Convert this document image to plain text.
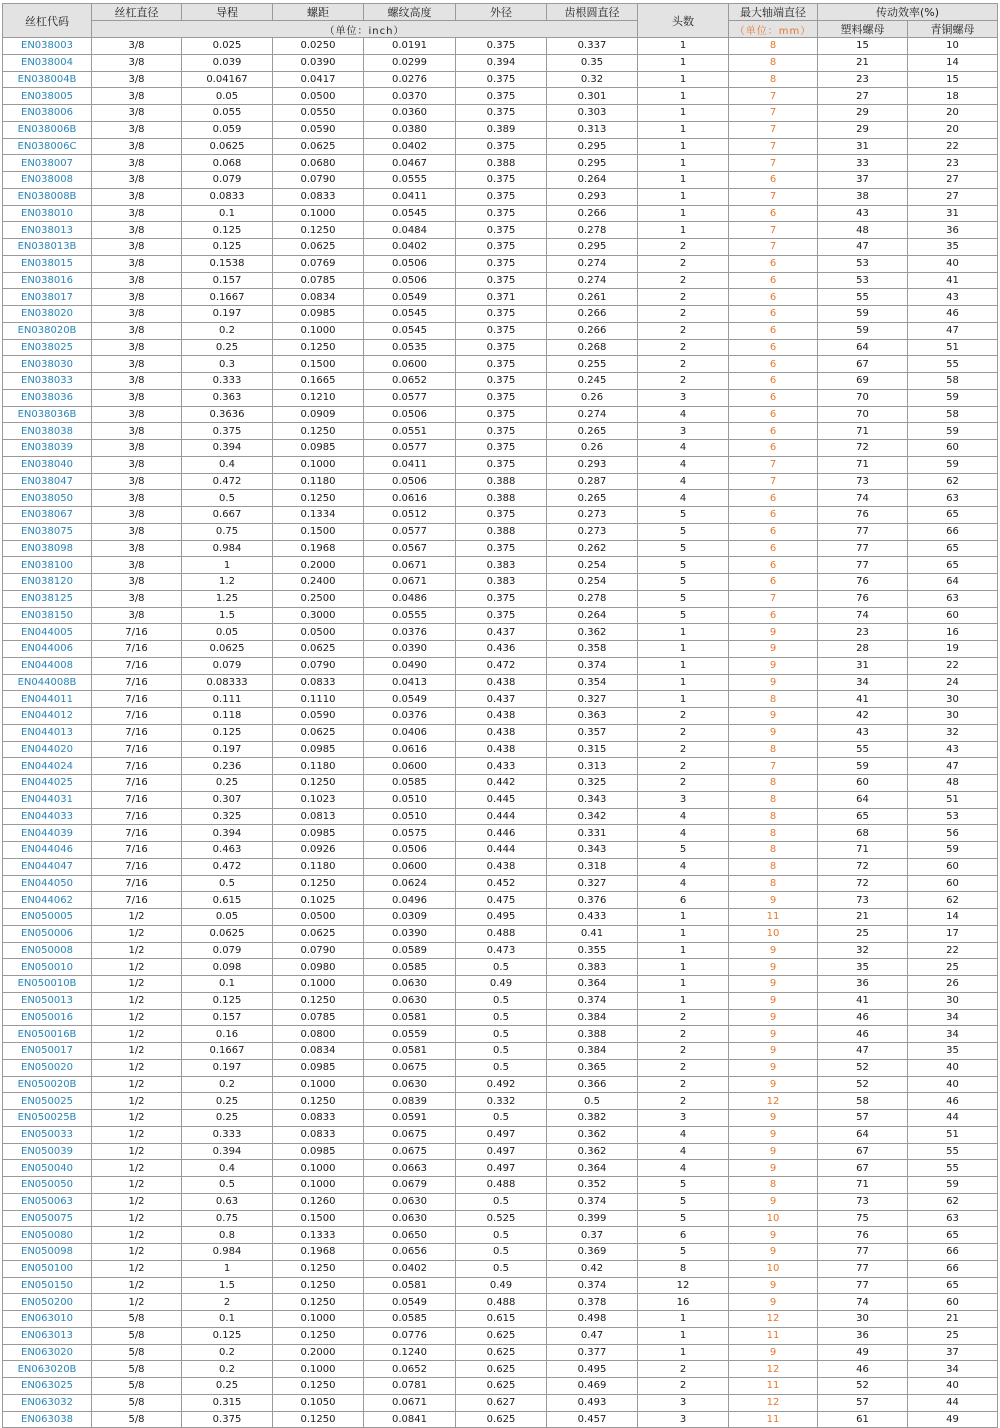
丝杠代码	丝杠直径	导程	螺距	螺纹高度	外径	齿根圆直径	头数	最大轴端直径	传动效率(%)	
	（单位：inch）							（单位：mm）	塑料螺母	青铜螺母
EN038003	3/8	0.025	0.0250	0.0191	0.375	0.337	1	8	15	10
EN038004	3/8	0.039	0.0390	0.0299	0.394	0.35	1	8	21	14
EN038004B	3/8	0.04167	0.0417	0.0276	0.375	0.32	1	8	23	15
EN038005	3/8	0.05	0.0500	0.0370	0.375	0.301	1	7	27	18
EN038006	3/8	0.055	0.0550	0.0360	0.375	0.303	1	7	29	20
EN038006B	3/8	0.059	0.0590	0.0380	0.389	0.313	1	7	29	20
EN038006C	3/8	0.0625	0.0625	0.0402	0.375	0.295	1	7	31	22
EN038007	3/8	0.068	0.0680	0.0467	0.388	0.295	1	7	33	23
EN038008	3/8	0.079	0.0790	0.0555	0.375	0.264	1	6	37	27
EN038008B	3/8	0.0833	0.0833	0.0411	0.375	0.293	1	7	38	27
EN038010	3/8	0.1	0.1000	0.0545	0.375	0.266	1	6	43	31
EN038013	3/8	0.125	0.1250	0.0484	0.375	0.278	1	7	48	36
EN038013B	3/8	0.125	0.0625	0.0402	0.375	0.295	2	7	47	35
EN038015	3/8	0.1538	0.0769	0.0506	0.375	0.274	2	6	53	40
EN038016	3/8	0.157	0.0785	0.0506	0.375	0.274	2	6	53	41
EN038017	3/8	0.1667	0.0834	0.0549	0.371	0.261	2	6	55	43
EN038020	3/8	0.197	0.0985	0.0545	0.375	0.266	2	6	59	46
EN038020B	3/8	0.2	0.1000	0.0545	0.375	0.266	2	6	59	47
EN038025	3/8	0.25	0.1250	0.0535	0.375	0.268	2	6	64	51
EN038030	3/8	0.3	0.1500	0.0600	0.375	0.255	2	6	67	55
EN038033	3/8	0.333	0.1665	0.0652	0.375	0.245	2	6	69	58
EN038036	3/8	0.363	0.1210	0.0577	0.375	0.26	3	6	70	59
EN038036B	3/8	0.3636	0.0909	0.0506	0.375	0.274	4	6	70	58
EN038038	3/8	0.375	0.1250	0.0551	0.375	0.265	3	6	71	59
EN038039	3/8	0.394	0.0985	0.0577	0.375	0.26	4	6	72	60
EN038040	3/8	0.4	0.1000	0.0411	0.375	0.293	4	7	71	59
EN038047	3/8	0.472	0.1180	0.0506	0.388	0.287	4	7	73	62
EN038050	3/8	0.5	0.1250	0.0616	0.388	0.265	4	6	74	63
EN038067	3/8	0.667	0.1334	0.0512	0.375	0.273	5	6	76	65
EN038075	3/8	0.75	0.1500	0.0577	0.388	0.273	5	6	77	66
EN038098	3/8	0.984	0.1968	0.0567	0.375	0.262	5	6	77	65
EN038100	3/8	1	0.2000	0.0671	0.383	0.254	5	6	77	65
EN038120	3/8	1.2	0.2400	0.0671	0.383	0.254	5	6	76	64
EN038125	3/8	1.25	0.2500	0.0486	0.375	0.278	5	7	76	63
EN038150	3/8	1.5	0.3000	0.0555	0.375	0.264	5	6	74	60
EN044005	7/16	0.05	0.0500	0.0376	0.437	0.362	1	9	23	16
EN044006	7/16	0.0625	0.0625	0.0390	0.436	0.358	1	9	28	19
EN044008	7/16	0.079	0.0790	0.0490	0.472	0.374	1	9	31	22
EN044008B	7/16	0.08333	0.0833	0.0413	0.438	0.354	1	9	34	24
EN044011	7/16	0.111	0.1110	0.0549	0.437	0.327	1	8	41	30
EN044012	7/16	0.118	0.0590	0.0376	0.438	0.363	2	9	42	30
EN044013	7/16	0.125	0.0625	0.0406	0.438	0.357	2	9	43	32
EN044020	7/16	0.197	0.0985	0.0616	0.438	0.315	2	8	55	43
EN044024	7/16	0.236	0.1180	0.0600	0.433	0.313	2	7	59	47
EN044025	7/16	0.25	0.1250	0.0585	0.442	0.325	2	8	60	48
EN044031	7/16	0.307	0.1023	0.0510	0.445	0.343	3	8	64	51
EN044033	7/16	0.325	0.0813	0.0510	0.444	0.342	4	8	65	53
EN044039	7/16	0.394	0.0985	0.0575	0.446	0.331	4	8	68	56
EN044046	7/16	0.463	0.0926	0.0506	0.444	0.343	5	8	71	59
EN044047	7/16	0.472	0.1180	0.0600	0.438	0.318	4	8	72	60
EN044050	7/16	0.5	0.1250	0.0624	0.452	0.327	4	8	72	60
EN044062	7/16	0.615	0.1025	0.0496	0.475	0.376	6	9	73	62
EN050005	1/2	0.05	0.0500	0.0309	0.495	0.433	1	11	21	14
EN050006	1/2	0.0625	0.0625	0.0390	0.488	0.41	1	10	25	17
EN050008	1/2	0.079	0.0790	0.0589	0.473	0.355	1	9	32	22
EN050010	1/2	0.098	0.0980	0.0585	0.5	0.383	1	9	35	25
EN050010B	1/2	0.1	0.1000	0.0630	0.49	0.364	1	9	36	26
EN050013	1/2	0.125	0.1250	0.0630	0.5	0.374	1	9	41	30
EN050016	1/2	0.157	0.0785	0.0581	0.5	0.384	2	9	46	34
EN050016B	1/2	0.16	0.0800	0.0559	0.5	0.388	2	9	46	34
EN050017	1/2	0.1667	0.0834	0.0581	0.5	0.384	2	9	47	35
EN050020	1/2	0.197	0.0985	0.0675	0.5	0.365	2	9	52	40
EN050020B	1/2	0.2	0.1000	0.0630	0.492	0.366	2	9	52	40
EN050025	1/2	0.25	0.1250	0.0839	0.332	0.5	2	12	58	46
EN050025B	1/2	0.25	0.0833	0.0591	0.5	0.382	3	9	57	44
EN050033	1/2	0.333	0.0833	0.0675	0.497	0.362	4	9	64	51
EN050039	1/2	0.394	0.0985	0.0675	0.497	0.362	4	9	67	55
EN050040	1/2	0.4	0.1000	0.0663	0.497	0.364	4	9	67	55
EN050050	1/2	0.5	0.1000	0.0679	0.488	0.352	5	8	71	59
EN050063	1/2	0.63	0.1260	0.0630	0.5	0.374	5	9	73	62
EN050075	1/2	0.75	0.1500	0.0630	0.525	0.399	5	10	75	63
EN050080	1/2	0.8	0.1333	0.0650	0.5	0.37	6	9	76	65
EN050098	1/2	0.984	0.1968	0.0656	0.5	0.369	5	9	77	66
EN050100	1/2	1	0.1250	0.0402	0.5	0.42	8	10	77	66
EN050150	1/2	1.5	0.1250	0.0581	0.49	0.374	12	9	77	65
EN050200	1/2	2	0.1250	0.0549	0.488	0.378	16	9	74	60
EN063010	5/8	0.1	0.1000	0.0585	0.615	0.498	1	12	30	21
EN063013	5/8	0.125	0.1250	0.0776	0.625	0.47	1	11	36	25
EN063020	5/8	0.2	0.2000	0.1240	0.625	0.377	1	9	49	37
EN063020B	5/8	0.2	0.1000	0.0652	0.625	0.495	2	12	46	34
EN063025	5/8	0.25	0.1250	0.0781	0.625	0.469	2	11	52	40
EN063032	5/8	0.315	0.1050	0.0671	0.627	0.493	3	12	57	44
EN063038	5/8	0.375	0.1250	0.0841	0.625	0.457	3	11	61	49
